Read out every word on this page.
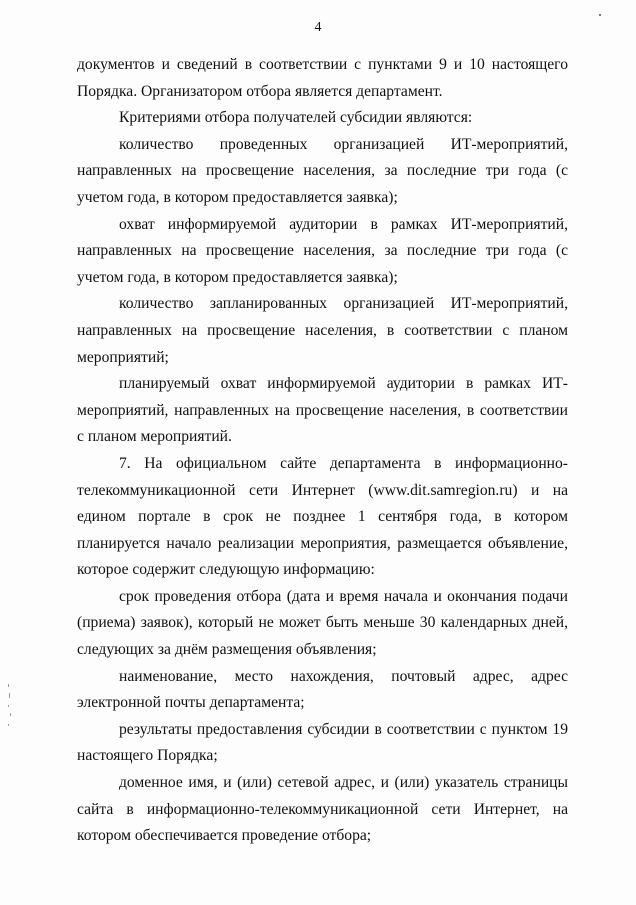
4

документов и сведений в соответствии с пунктами 9 и 10 настоящего Порядка. Организатором отбора является департамент.

Критериями отбора получателей субсидии являются:

количество проведенных организацией ИТ-мероприятий, направленных на просвещение населения, за последние три года (с учетом года, в котором предоставляется заявка);

охват информируемой аудитории в рамках ИТ-мероприятий, направленных на просвещение населения, за последние три года (с учетом года, в котором предоставляется заявка);

количество запланированных организацией ИТ-мероприятий, направленных на просвещение населения, в соответствии с планом мероприятий;

планируемый охват информируемой аудитории в рамках ИТ-мероприятий, направленных на просвещение населения, в соответствии с планом мероприятий.

7. На официальном сайте департамента в информационно-телекоммуникационной сети Интернет (www.dit.samregion.ru) и на едином портале в срок не позднее 1 сентября года, в котором планируется начало реализации мероприятия, размещается объявление, которое содержит следующую информацию:

срок проведения отбора (дата и время начала и окончания подачи (приема) заявок), который не может быть меньше 30 календарных дней, следующих за днём размещения объявления;

наименование, место нахождения, почтовый адрес, адрес электронной почты департамента;

результаты предоставления субсидии в соответствии с пунктом 19 настоящего Порядка;

доменное имя, и (или) сетевой адрес, и (или) указатель страницы сайта в информационно-телекоммуникационной сети Интернет, на котором обеспечивается проведение отбора;
